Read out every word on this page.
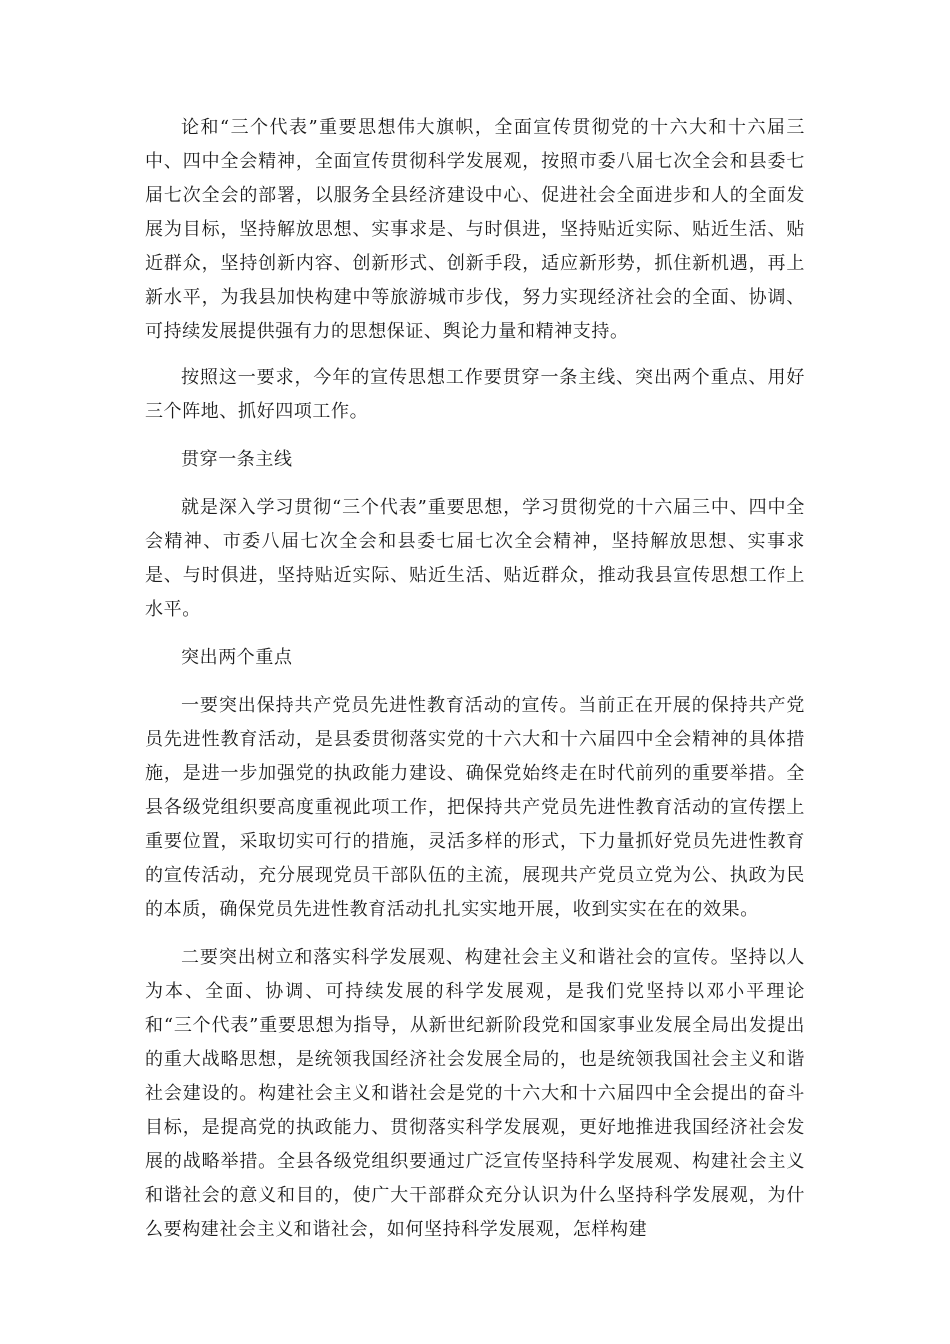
论和“三个代表”重要思想伟大旗帜，全面宣传贯彻党的十六大和十六届三中、四中全会精神，全面宣传贯彻科学发展观，按照市委八届七次全会和县委七届七次全会的部署，以服务全县经济建设中心、促进社会全面进步和人的全面发展为目标，坚持解放思想、实事求是、与时俱进，坚持贴近实际、贴近生活、贴近群众，坚持创新内容、创新形式、创新手段，适应新形势，抓住新机遇，再上新水平，为我县加快构建中等旅游城市步伐，努力实现经济社会的全面、协调、可持续发展提供强有力的思想保证、舆论力量和精神支持。

按照这一要求，今年的宣传思想工作要贯穿一条主线、突出两个重点、用好三个阵地、抓好四项工作。

贯穿一条主线

就是深入学习贯彻“三个代表”重要思想，学习贯彻党的十六届三中、四中全会精神、市委八届七次全会和县委七届七次全会精神，坚持解放思想、实事求是、与时俱进，坚持贴近实际、贴近生活、贴近群众，推动我县宣传思想工作上水平。

突出两个重点

一要突出保持共产党员先进性教育活动的宣传。当前正在开展的保持共产党员先进性教育活动，是县委贯彻落实党的十六大和十六届四中全会精神的具体措施，是进一步加强党的执政能力建设、确保党始终走在时代前列的重要举措。全县各级党组织要高度重视此项工作，把保持共产党员先进性教育活动的宣传摆上重要位置，采取切实可行的措施，灵活多样的形式，下力量抓好党员先进性教育的宣传活动，充分展现党员干部队伍的主流，展现共产党员立党为公、执政为民的本质，确保党员先进性教育活动扎扎实实地开展，收到实实在在的效果。

二要突出树立和落实科学发展观、构建社会主义和谐社会的宣传。坚持以人为本、全面、协调、可持续发展的科学发展观，是我们党坚持以邓小平理论和“三个代表”重要思想为指导，从新世纪新阶段党和国家事业发展全局出发提出的重大战略思想，是统领我国经济社会发展全局的，也是统领我国社会主义和谐社会建设的。构建社会主义和谐社会是党的十六大和十六届四中全会提出的奋斗目标，是提高党的执政能力、贯彻落实科学发展观，更好地推进我国经济社会发展的战略举措。全县各级党组织要通过广泛宣传坚持科学发展观、构建社会主义和谐社会的意义和目的，使广大干部群众充分认识为什么坚持科学发展观，为什么要构建社会主义和谐社会，如何坚持科学发展观，怎样构建
